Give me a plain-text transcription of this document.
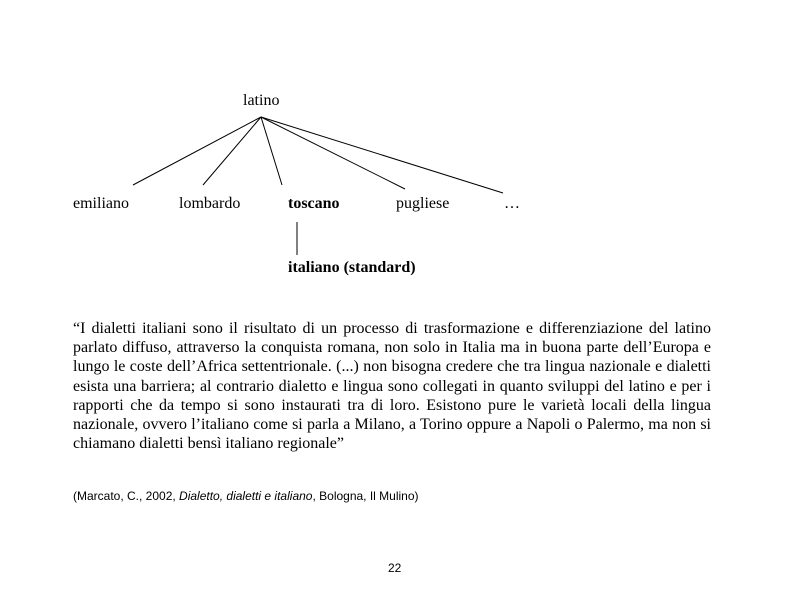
latino
emiliano	lombardo	toscano	pugliese	…
italiano (standard)
“I dialetti italiani sono il risultato di un processo di trasformazione e differenziazione del latino parlato diffuso, attraverso la conquista romana, non solo in Italia ma in buona parte dell’Europa e lungo le coste dell’Africa settentrionale. (...) non bisogna credere che tra lingua nazionale e dialetti esista una barriera; al contrario dialetto e lingua sono collegati in quanto sviluppi del latino e per i rapporti che da tempo si sono instaurati tra di loro. Esistono pure le varietà locali della lingua nazionale, ovvero l’italiano come si parla a Milano, a Torino oppure a Napoli o Palermo, ma non si chiamano dialetti bensì italiano regionale”
(Marcato, C., 2002, Dialetto, dialetti e italiano, Bologna, Il Mulino)
22
